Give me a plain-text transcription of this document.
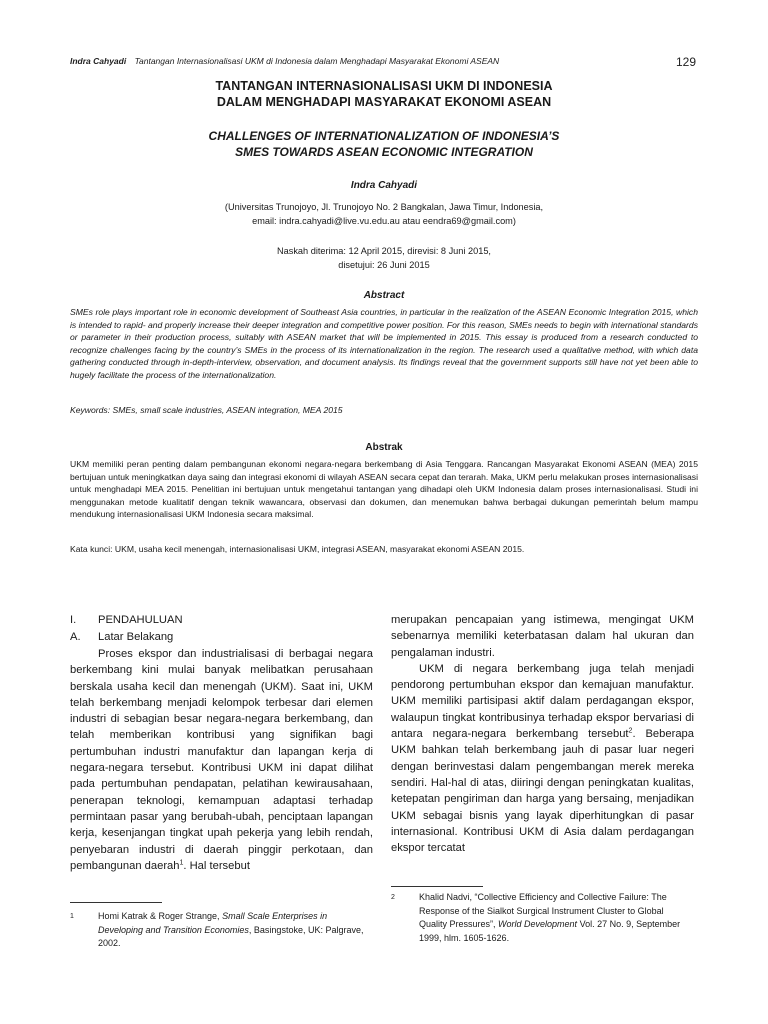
Indra Cahyadi Tantangan Internasionalisasi UKM di Indonesia dalam Menghadapi Masyarakat Ekonomi ASEAN	129
TANTANGAN INTERNASIONALISASI UKM DI INDONESIA
DALAM MENGHADAPI MASYARAKAT EKONOMI ASEAN
CHALLENGES OF INTERNATIONALIZATION OF INDONESIA’S
SMES TOWARDS ASEAN ECONOMIC INTEGRATION
Indra Cahyadi
(Universitas Trunojoyo, Jl. Trunojoyo No. 2 Bangkalan, Jawa Timur, Indonesia,
email: indra.cahyadi@live.vu.edu.au atau eendra69@gmail.com)
Naskah diterima: 12 April 2015, direvisi: 8 Juni 2015,
disetujui: 26 Juni 2015
Abstract
SMEs role plays important role in economic development of Southeast Asia countries, in particular in the realization of the ASEAN Economic Integration 2015, which is intended to rapid- and properly increase their deeper integration and competitive power position. For this reason, SMEs needs to begin with international standards or parameter in their production process, suitably with ASEAN market that will be implemented in 2015. This essay is produced from a research conducted to recognize challenges facing by the country’s SMEs in the process of its internationalization in the region. The research used a qualitative method, with which data gathering conducted through in-depth-interview, observation, and document analysis. Its findings reveal that the government supports still have not yet been able to hugely facilitate the process of the internationalization.
Keywords: SMEs, small scale industries, ASEAN integration, MEA 2015
Abstrak
UKM memiliki peran penting dalam pembangunan ekonomi negara-negara berkembang di Asia Tenggara. Rancangan Masyarakat Ekonomi ASEAN (MEA) 2015 bertujuan untuk meningkatkan daya saing dan integrasi ekonomi di wilayah ASEAN secara cepat dan terarah. Maka, UKM perlu melakukan proses internasionalisasi untuk menghadapi MEA 2015. Penelitian ini bertujuan untuk mengetahui tantangan yang dihadapi oleh UKM Indonesia dalam proses internasionalisasi. Studi ini menggunakan metode kualitatif dengan teknik wawancara, observasi dan dokumen, dan menemukan bahwa berbagai dukungan pemerintah belum mampu mendukung internasionalisasi UKM Indonesia secara maksimal.
Kata kunci: UKM, usaha kecil menengah, internasionalisasi UKM, integrasi ASEAN, masyarakat ekonomi ASEAN 2015.
I.	PENDAHULUAN
A.	Latar Belakang

Proses ekspor dan industrialisasi di berbagai negara berkembang kini mulai banyak melibatkan perusahaan berskala usaha kecil dan menengah (UKM). Saat ini, UKM telah berkembang menjadi kelompok terbesar dari elemen industri di sebagian besar negara-negara berkembang, dan telah memberikan kontribusi yang signifikan bagi pertumbuhan industri manufaktur dan lapangan kerja di negara-negara tersebut. Kontribusi UKM ini dapat dilihat pada pertumbuhan pendapatan, pelatihan kewirausahaan, penerapan teknologi, kemampuan adaptasi terhadap permintaan pasar yang berubah-ubah, penciptaan lapangan kerja, kesenjangan tingkat upah pekerja yang lebih rendah, penyebaran industri di daerah pinggir perkotaan, dan pembangunan daerah$^1$. Hal tersebut

merupakan pencapaian yang istimewa, mengingat UKM sebenarnya memiliki keterbatasan dalam hal ukuran dan pengalaman industri.

UKM di negara berkembang juga telah menjadi pendorong pertumbuhan ekspor dan kemajuan manufaktur. UKM memiliki partisipasi aktif dalam perdagangan ekspor, walaupun tingkat kontribusinya terhadap ekspor bervariasi di antara negara-negara berkembang tersebut$^2$. Beberapa UKM bahkan telah berkembang jauh di pasar luar negeri dengan berinvestasi dalam pengembangan merek mereka sendiri. Hal-hal di atas, diiringi dengan peningkatan kualitas, ketepatan pengiriman dan harga yang bersaing, menjadikan UKM sebagai bisnis yang layak diperhitungkan di pasar internasional. Kontribusi UKM di Asia dalam perdagangan ekspor tercatat

1	Homi Katrak & Roger Strange, Small Scale Enterprises in Developing and Transition Economies, Basingstoke, UK: Palgrave, 2002.
2	Khalid Nadvi, “Collective Efficiency and Collective Failure: The Response of the Sialkot Surgical Instrument Cluster to Global Quality Pressures”, World Development Vol. 27 No. 9, September 1999, hlm. 1605-1626.
